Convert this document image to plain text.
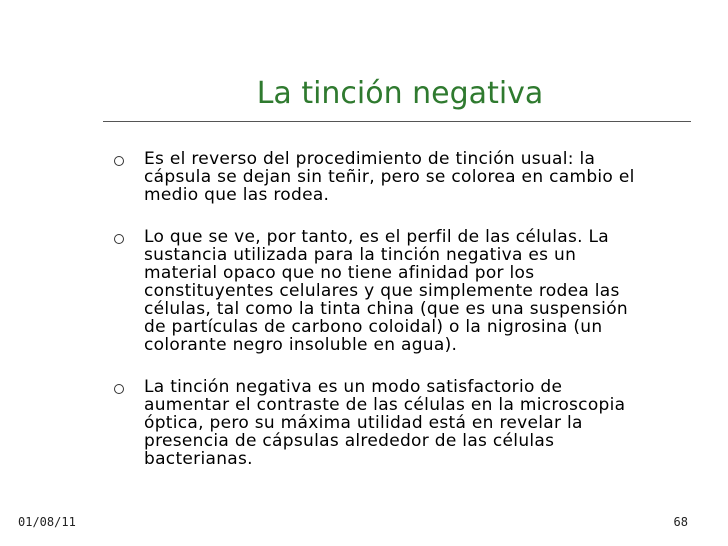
La tinción negativa
Es el reverso del procedimiento de tinción usual: la
cápsula se dejan sin teñir, pero se colorea en cambio el
medio que las rodea.
Lo que se ve, por tanto, es el perfil de las células. La
sustancia utilizada para la tinción negativa es un
material opaco que no tiene afinidad por los
constituyentes celulares y que simplemente rodea las
células, tal como la tinta china (que es una suspensión
de partículas de carbono coloidal) o la nigrosina (un
colorante negro insoluble en agua).
La tinción negativa es un modo satisfactorio de
aumentar el contraste de las células en la microscopia
óptica, pero su máxima utilidad está en revelar la
presencia de cápsulas alrededor de las células
bacterianas.
01/08/11	68
